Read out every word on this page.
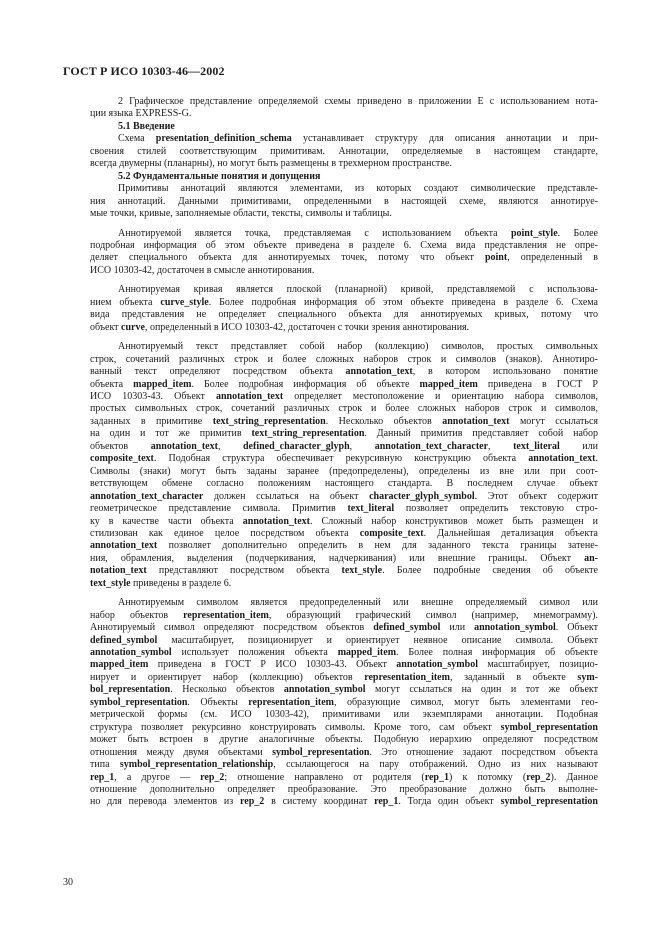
ГОСТ Р ИСО 10303-46—2002
2 Графическое представление определяемой схемы приведено в приложении Е с использованием нота-
ции языка EXPRESS-G.
5.1 Введение
Схема presentation_definition_schema устанавливает структуру для описания аннотации и при-
своения стилей соответствующим примитивам. Аннотации, определяемые в настоящем стандарте,
всегда двумерны (планарны), но могут быть размещены в трехмерном пространстве.
5.2 Фундаментальные понятия и допущения
Примитивы аннотаций являются элементами, из которых создают символические представле-
ния аннотаций. Данными примитивами, определенными в настоящей схеме, являются аннотируе-
мые точки, кривые, заполняемые области, тексты, символы и таблицы.
Аннотируемой является точка, представляемая с использованием объекта point_style. Более
подробная информация об этом объекте приведена в разделе 6. Схема вида представления не опре-
деляет специального объекта для аннотируемых точек, потому что объект point, определенный в
ИСО 10303-42, достаточен в смысле аннотирования.
Аннотируемая кривая является плоской (планарной) кривой, представляемой с использова-
нием объекта curve_style. Более подробная информация об этом объекте приведена в разделе 6. Схема
вида представления не определяет специального объекта для аннотируемых кривых, потому что
объект curve, определенный в ИСО 10303-42, достаточен с точки зрения аннотирования.
Аннотируемый текст представляет собой набор (коллекцию) символов, простых символьных
строк, сочетаний различных строк и более сложных наборов строк и символов (знаков). Аннотиро-
ванный текст определяют посредством объекта annotation_text, в котором использовано понятие
объекта mapped_item. Более подробная информация об объекте mapped_item приведена в ГОСТ Р
ИСО 10303-43. Объект annotation_text определяет местоположение и ориентацию набора символов,
простых символьных строк, сочетаний различных строк и более сложных наборов строк и символов,
заданных в примитиве text_string_representation. Несколько объектов annotation_text могут ссылаться
на один и тот же примитив text_string_representation. Данный примитив представляет собой набор
объектов annotation_text, defined_character_glyph, annotation_text_character, text_literal или
composite_text. Подобная структура обеспечивает рекурсивную конструкцию объекта annotation_text.
Символы (знаки) могут быть заданы заранее (предопределены), определены из вне или при соот-
ветствующем обмене согласно положениям настоящего стандарта. В последнем случае объект
annotation_text_character должен ссылаться на объект character_glyph_symbol. Этот объект содержит
геометрическое представление символа. Примитив text_literal позволяет определить текстовую стро-
ку в качестве части объекта annotation_text. Сложный набор конструктивов может быть размещен и
стилизован как единое целое посредством объекта composite_text. Дальнейшая детализация объекта
annotation_text позволяет дополнительно определить в нем для заданного текста границы затене-
ния, обрамления, выделения (подчеркивания, надчеркивания) или внешние границы. Объект an-
notation_text представляют посредством объекта text_style. Более подробные сведения об объекте
text_style приведены в разделе 6.
Аннотируемым символом является предопределенный или внешне определяемый символ или
набор объектов representation_item, образующий графический символ (например, мнемограмму).
Аннотируемый символ определяют посредством объектов defined_symbol или annotation_symbol. Объект
defined_symbol масштабирует, позиционирует и ориентирует неявное описание символа. Объект
annotation_symbol использует положения объекта mapped_item. Более полная информация об объекте
mapped_item приведена в ГОСТ Р ИСО 10303-43. Объект annotation_symbol масштабирует, позицио-
нирует и ориентирует набор (коллекцию) объектов representation_item, заданный в объекте sym-
bol_representation. Несколько объектов annotation_symbol могут ссылаться на один и тот же объект
symbol_representation. Объекты representation_item, образующие символ, могут быть элементами гео-
метрической формы (см. ИСО 10303-42), примитивами или экземплярами аннотации. Подобная
структура позволяет рекурсивно конструировать символы. Кроме того, сам объект symbol_representation
может быть встроен в другие аналогичные объекты. Подобную иерархию определяют посредством
отношения между двумя объектами symbol_representation. Это отношение задают посредством объекта
типа symbol_representation_relationship, ссылающегося на пару отображений. Одно из них называют
rep_1, а другое — rep_2; отношение направлено от родителя (rep_1) к потомку (rep_2). Данное
отношение дополнительно определяет преобразование. Это преобразование должно быть выполне-
но для перевода элементов из rep_2 в систему координат rep_1. Тогда один объект symbol_representation
30
